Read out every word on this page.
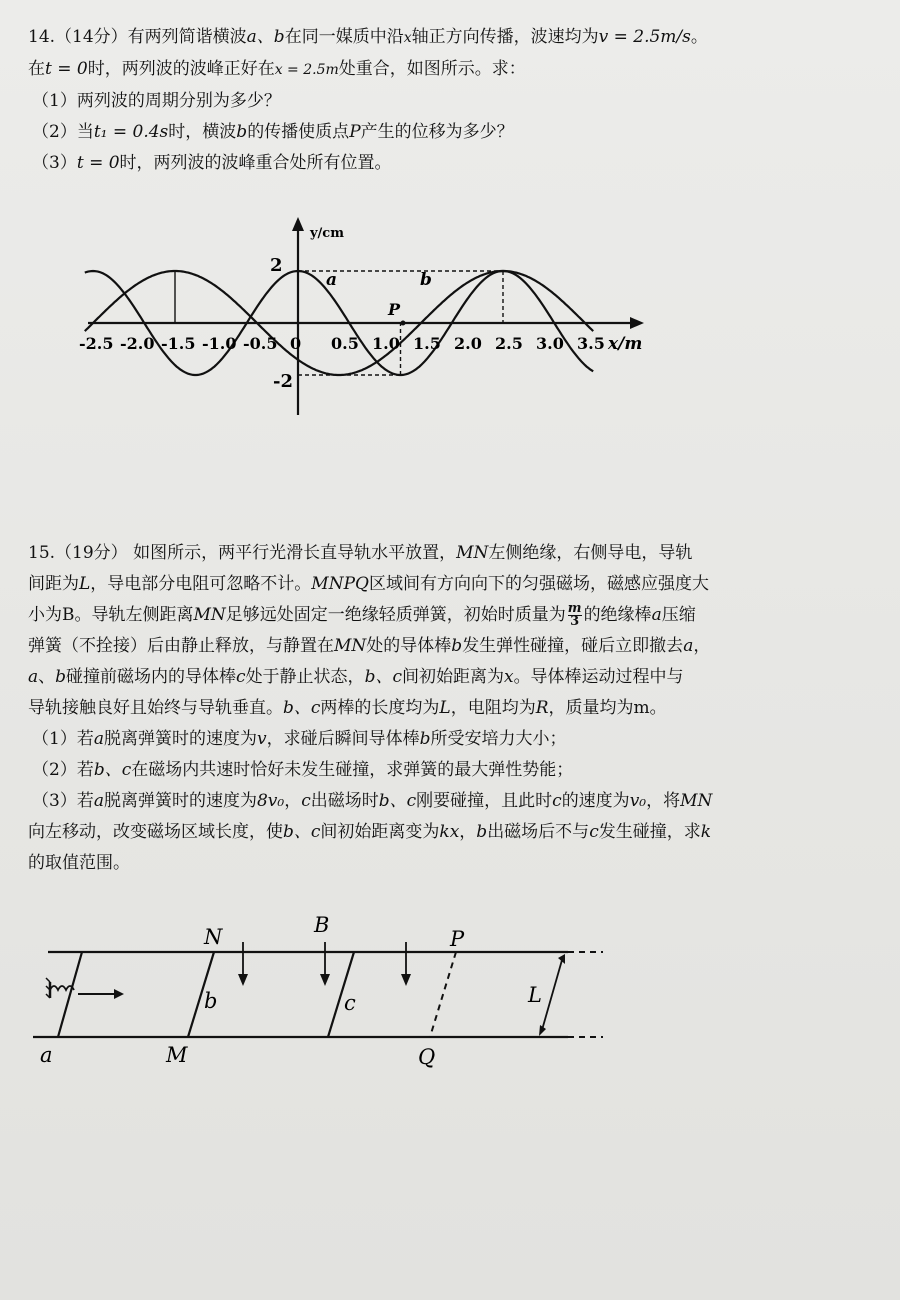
14.（14分）有两列简谐横波a、b在同一媒质中沿x轴正方向传播，波速均为v = 2.5m/s。

在t = 0时，两列波的波峰正好在x = 2.5m处重合，如图所示。求：

（1）两列波的周期分别为多少？

（2）当t₁ = 0.4s时，横波b的传播使质点P产生的位移为多少？

（3）t = 0时，两列波的波峰重合处所有位置。

y/cm
x/m
2
-2
-2.5 -2.0 -1.5 -1.0 -0.5 0 0.5 1.0 1.5 2.0 2.5 3.0 3.5
a	b
P

15.（19分） 如图所示，两平行光滑长直导轨水平放置，MN左侧绝缘，右侧导电，导轨

间距为L，导电部分电阻可忽略不计。MNPQ区域间有方向向下的匀强磁场，磁感应强度大

小为B。导轨左侧距离MN足够远处固定一绝缘轻质弹簧，初始时质量为 $\frac{m}{3}$ 的绝缘棒a压缩

弹簧（不拴接）后由静止释放，与静置在MN处的导体棒b发生弹性碰撞，碰后立即撤去a，

a、b碰撞前磁场内的导体棒c处于静止状态，b、c间初始距离为x。导体棒运动过程中与

导轨接触良好且始终与导轨垂直。b、c两棒的长度均为L，电阻均为R，质量均为m。

（1）若a脱离弹簧时的速度为v，求碰后瞬间导体棒b所受安培力大小；

（2）若b、c在磁场内共速时恰好未发生碰撞，求弹簧的最大弹性势能；

（3）若a脱离弹簧时的速度为8v₀，c出磁场时b、c刚要碰撞，且此时c的速度为v₀，将MN

向左移动，改变磁场区域长度，使b、c间初始距离变为kx，b出磁场后不与c发生碰撞，求k

的取值范围。

N	B
P
M	Q
a
b	c	L
